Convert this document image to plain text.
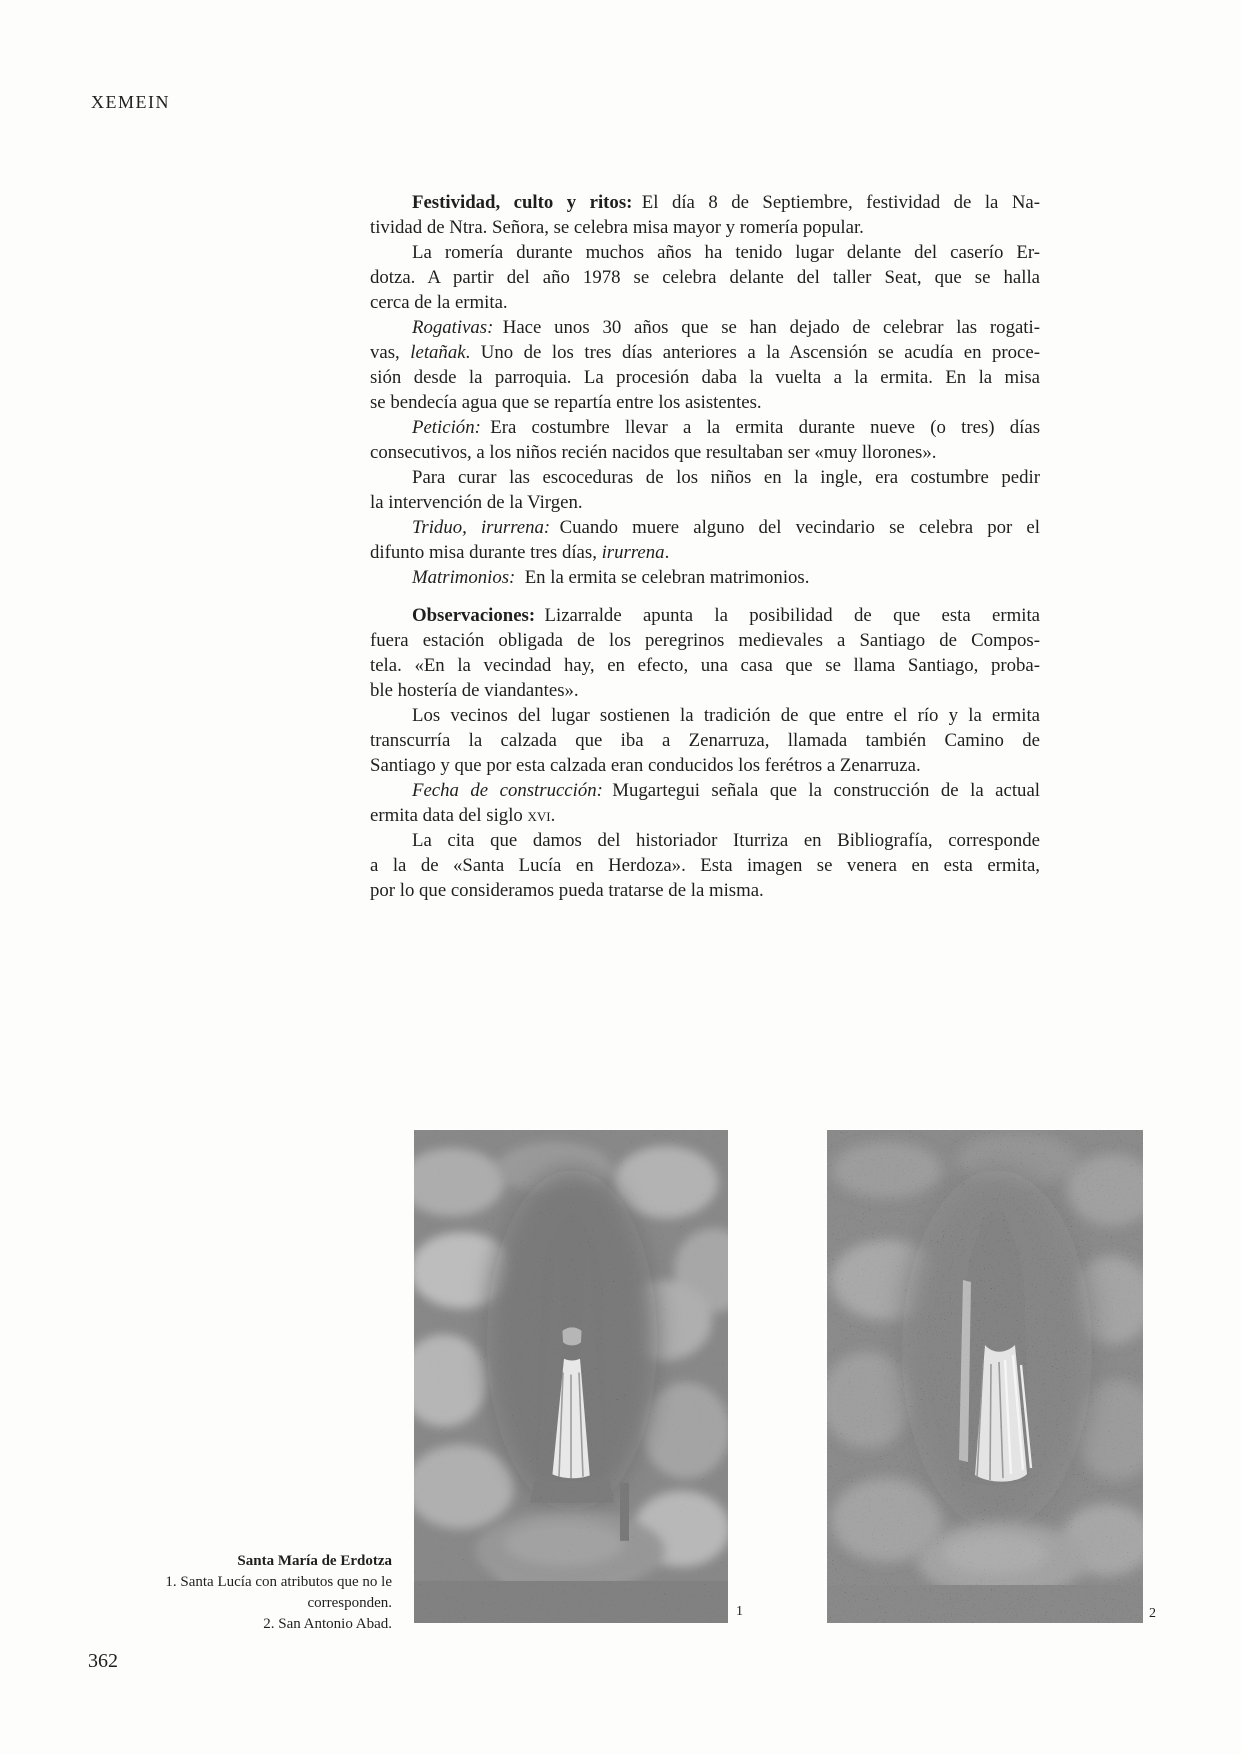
XEMEIN
Festividad, culto y ritos: El día 8 de Septiembre, festividad de la Na-
tividad de Ntra. Señora, se celebra misa mayor y romería popular.
La romería durante muchos años ha tenido lugar delante del caserío Er-
dotza. A partir del año 1978 se celebra delante del taller Seat, que se halla
cerca de la ermita.
Rogativas: Hace unos 30 años que se han dejado de celebrar las rogati-
vas, letañak. Uno de los tres días anteriores a la Ascensión se acudía en proce-
sión desde la parroquia. La procesión daba la vuelta a la ermita. En la misa
se bendecía agua que se repartía entre los asistentes.
Petición: Era costumbre llevar a la ermita durante nueve (o tres) días
consecutivos, a los niños recién nacidos que resultaban ser «muy llorones».
Para curar las escoceduras de los niños en la ingle, era costumbre pedir
la intervención de la Virgen.
Triduo, irurrena: Cuando muere alguno del vecindario se celebra por el
difunto misa durante tres días, irurrena.
Matrimonios: En la ermita se celebran matrimonios.
Observaciones: Lizarralde apunta la posibilidad de que esta ermita
fuera estación obligada de los peregrinos medievales a Santiago de Compos-
tela. «En la vecindad hay, en efecto, una casa que se llama Santiago, proba-
ble hostería de viandantes».
Los vecinos del lugar sostienen la tradición de que entre el río y la ermita
transcurría la calzada que iba a Zenarruza, llamada también Camino de
Santiago y que por esta calzada eran conducidos los ferétros a Zenarruza.
Fecha de construcción: Mugartegui señala que la construcción de la actual
ermita data del siglo xvi.
La cita que damos del historiador Iturriza en Bibliografía, corresponde
a la de «Santa Lucía en Herdoza». Esta imagen se venera en esta ermita,
por lo que consideramos pueda tratarse de la misma.
1	2
Santa María de Erdotza
1. Santa Lucía con atributos que no le
corresponden.
2. San Antonio Abad.
362
